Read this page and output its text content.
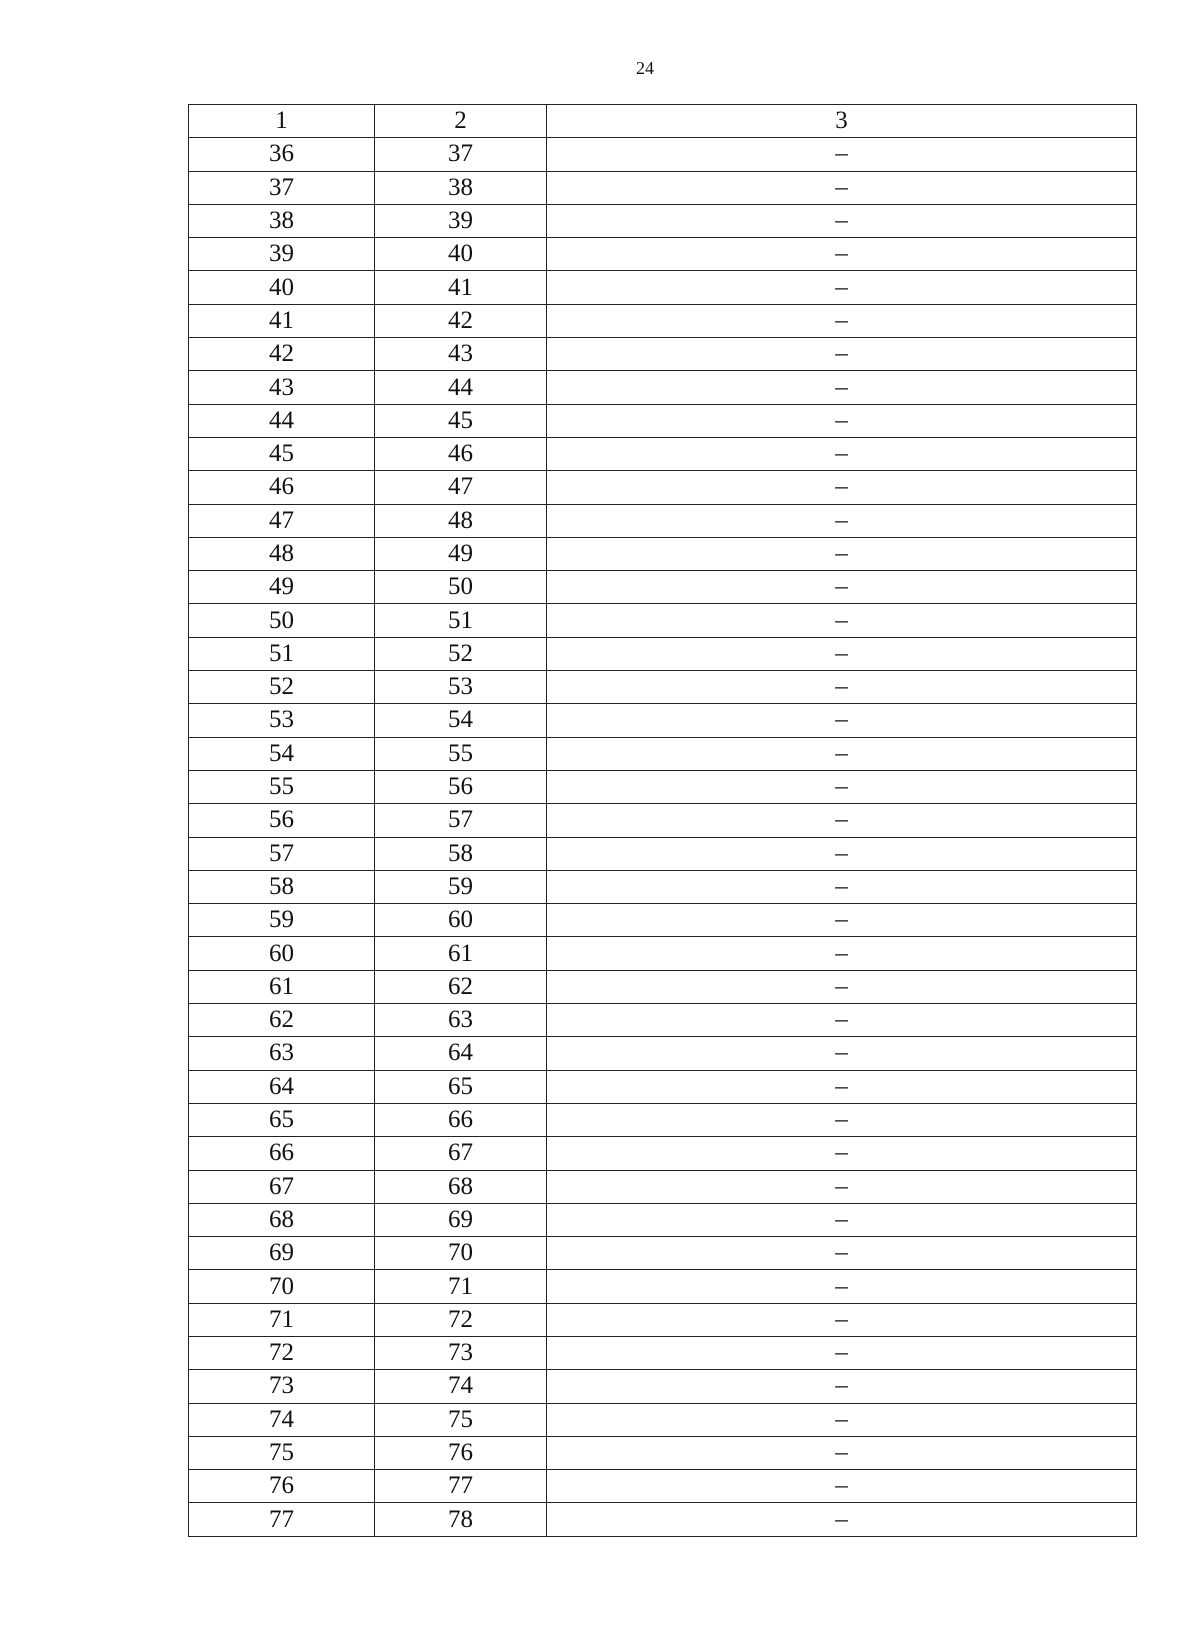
24
1	2	3
36	37	–
37	38	–
38	39	–
39	40	–
40	41	–
41	42	–
42	43	–
43	44	–
44	45	–
45	46	–
46	47	–
47	48	–
48	49	–
49	50	–
50	51	–
51	52	–
52	53	–
53	54	–
54	55	–
55	56	–
56	57	–
57	58	–
58	59	–
59	60	–
60	61	–
61	62	–
62	63	–
63	64	–
64	65	–
65	66	–
66	67	–
67	68	–
68	69	–
69	70	–
70	71	–
71	72	–
72	73	–
73	74	–
74	75	–
75	76	–
76	77	–
77	78	–
